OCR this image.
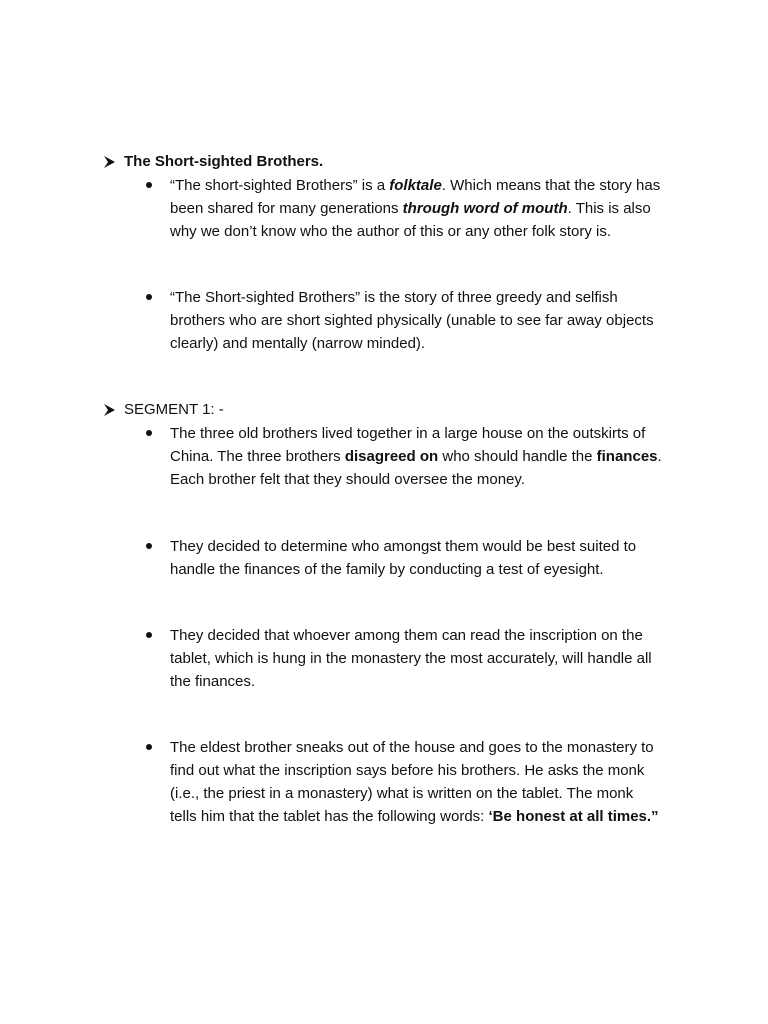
The Short-sighted Brothers.
“The short-sighted Brothers” is a folktale. Which means that the story has
been shared for many generations through word of mouth. This is also
why we don’t know who the author of this or any other folk story is.
“The Short-sighted Brothers” is the story of three greedy and selfish
brothers who are short sighted physically (unable to see far away objects
clearly) and mentally (narrow minded).
SEGMENT 1: -
The three old brothers lived together in a large house on the outskirts of
China. The three brothers disagreed on who should handle the finances.
Each brother felt that they should oversee the money.
They decided to determine who amongst them would be best suited to
handle the finances of the family by conducting a test of eyesight.
They decided that whoever among them can read the inscription on the
tablet, which is hung in the monastery the most accurately, will handle all
the finances.
The eldest brother sneaks out of the house and goes to the monastery to
find out what the inscription says before his brothers. He asks the monk
(i.e., the priest in a monastery) what is written on the tablet. The monk
tells him that the tablet has the following words: ‘Be honest at all times.”
